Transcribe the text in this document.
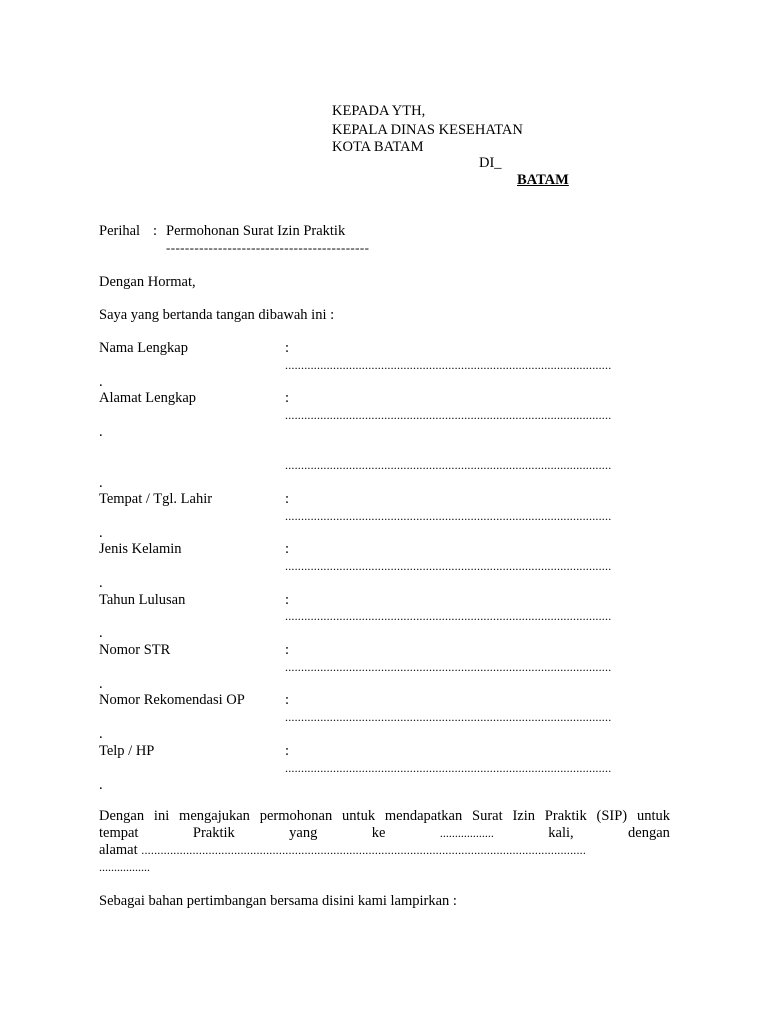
KEPADA YTH,
KEPALA DINAS KESEHATAN
KOTA BATAM
DI_
BATAM
Perihal : Permohonan Surat Izin Praktik
-------------------------------------------
Dengan Hormat,
Saya yang bertanda tangan dibawah ini :
Nama Lengkap	:
......................................................................................................
.
Alamat Lengkap	:
......................................................................................................
.
......................................................................................................
.
Tempat / Tgl. Lahir	:
......................................................................................................
.
Jenis Kelamin	:
......................................................................................................
.
Tahun Lulusan	:
......................................................................................................
.
Nomor STR	:
......................................................................................................
.
Nomor Rekomendasi OP	:
......................................................................................................
.
Telp / HP	:
......................................................................................................
.
Dengan ini mengajukan permohonan untuk mendapatkan Surat Izin Praktik (SIP) untuk
tempat	Praktik	yang	ke	..................	kali,	dengan
alamat ...........................................................................................................................................
.................
Sebagai bahan pertimbangan bersama disini kami lampirkan :
